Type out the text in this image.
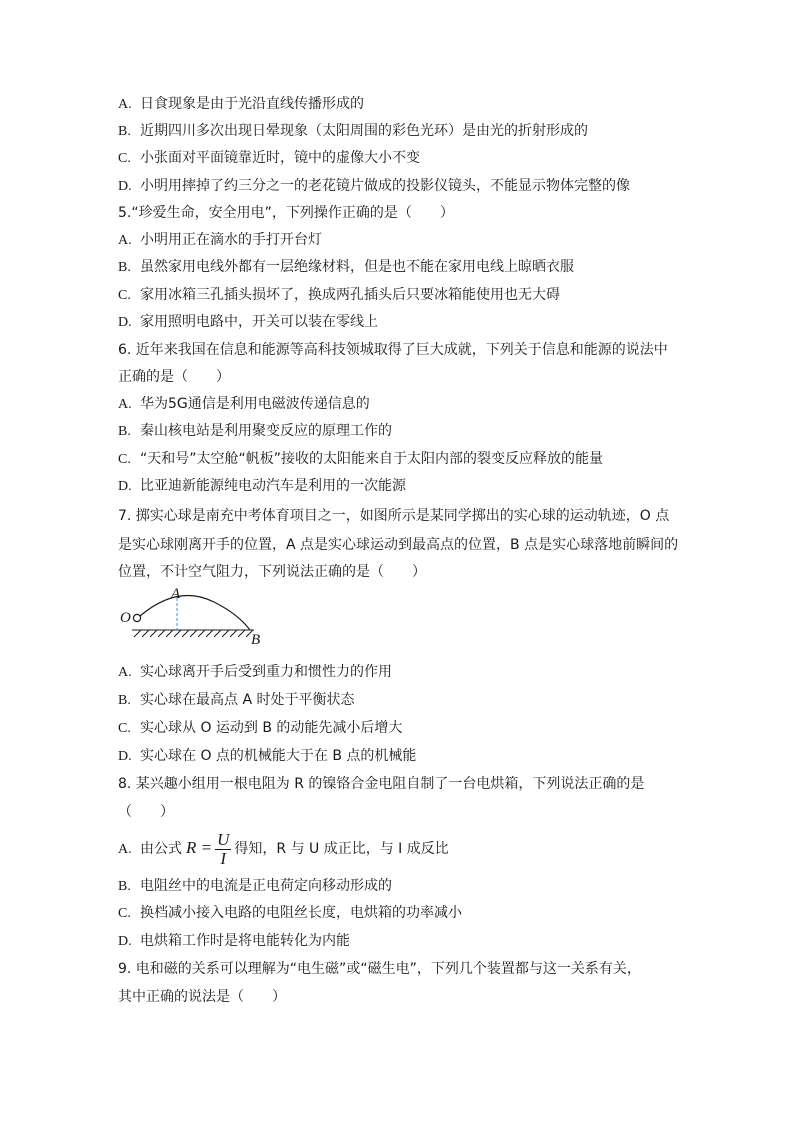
A. 日食现象是由于光沿直线传播形成的
B. 近期四川多次出现日晕现象（太阳周围的彩色光环）是由光的折射形成的
C. 小张面对平面镜靠近时，镜中的虚像大小不变
D. 小明用摔掉了约三分之一的老花镜片做成的投影仪镜头，不能显示物体完整的像
5.“珍爱生命，安全用电”，下列操作正确的是（　　）
A. 小明用正在滴水的手打开台灯
B. 虽然家用电线外都有一层绝缘材料，但是也不能在家用电线上晾晒衣服
C. 家用冰箱三孔插头损坏了，换成两孔插头后只要冰箱能使用也无大碍
D. 家用照明电路中，开关可以装在零线上
6. 近年来我国在信息和能源等高科技领城取得了巨大成就，下列关于信息和能源的说法中
正确的是（　　）
A. 华为5G通信是利用电磁波传递信息的
B. 秦山核电站是利用聚变反应的原理工作的
C. “天和号”太空舱“帆板”接收的太阳能来自于太阳内部的裂变反应释放的能量
D. 比亚迪新能源纯电动汽车是利用的一次能源
7. 掷实心球是南充中考体育项目之一，如图所示是某同学掷出的实心球的运动轨迹，O 点
是实心球刚离开手的位置，A 点是实心球运动到最高点的位置，B 点是实心球落地前瞬间的
位置，不计空气阻力，下列说法正确的是（　　）
O
A
B
A. 实心球离开手后受到重力和惯性力的作用
B. 实心球在最高点 A 时处于平衡状态
C. 实心球从 O 运动到 B 的动能先减小后增大
D. 实心球在 O 点的机械能大于在 B 点的机械能
8. 某兴趣小组用一根电阻为 R 的镍铬合金电阻自制了一台电烘箱，下列说法正确的是
（　　）
A. 由公式 $R = \frac{U}{I}$ 得知，R 与 U 成正比，与 I 成反比
B. 电阻丝中的电流是正电荷定向移动形成的
C. 换档减小接入电路的电阻丝长度，电烘箱的功率减小
D. 电烘箱工作时是将电能转化为内能
9. 电和磁的关系可以理解为“电生磁”或“磁生电”，下列几个装置都与这一关系有关，
其中正确的说法是（　　）
